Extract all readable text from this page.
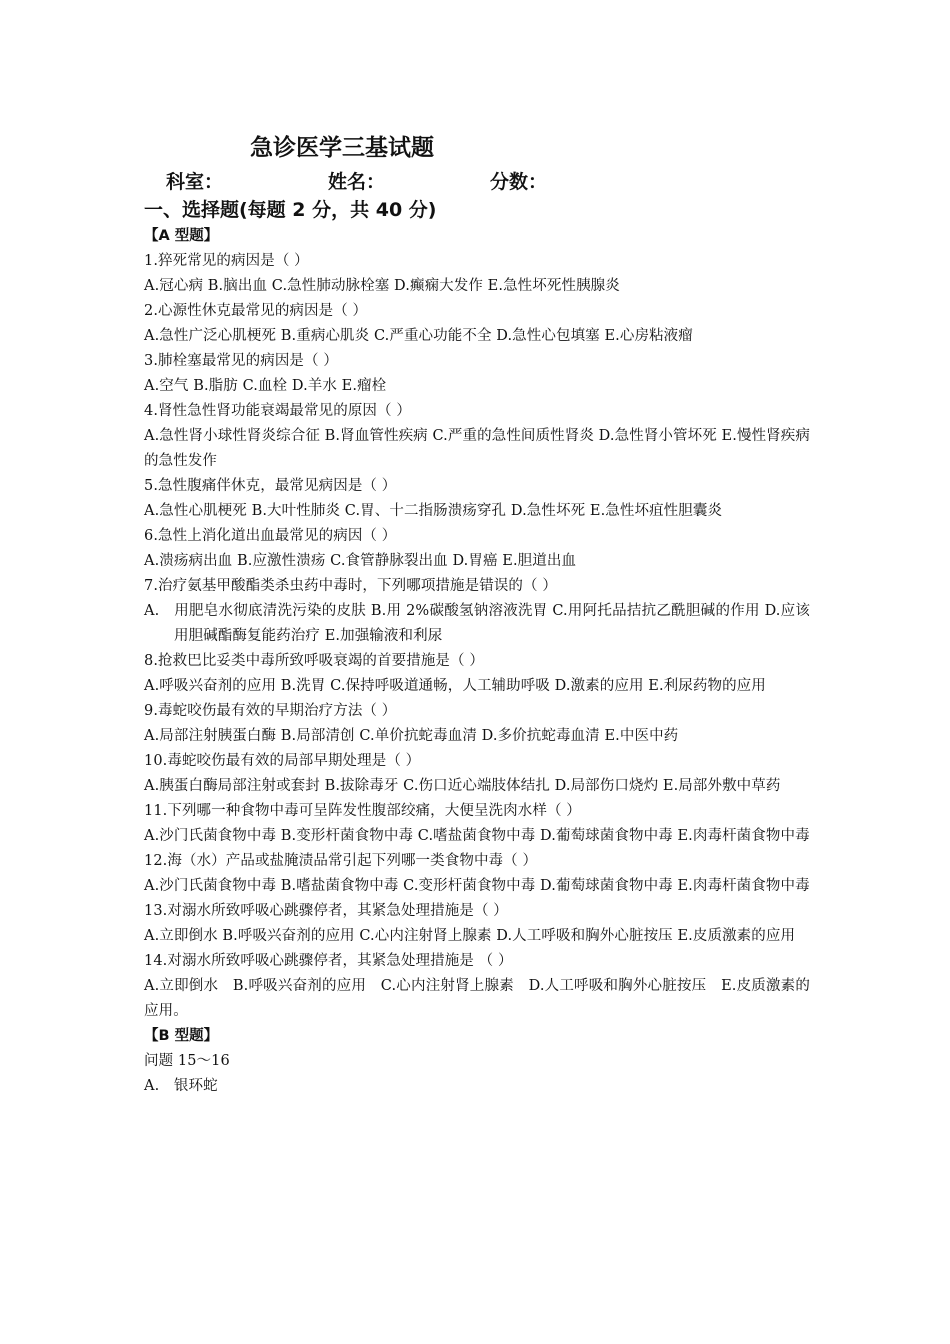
急诊医学三基试题
科室：	姓名：	分数：
一、选择题(每题 2 分，共 40 分)
【A 型题】
1.猝死常见的病因是（ ）
A.冠心病 B.脑出血 C.急性肺动脉栓塞 D.癫痫大发作 E.急性坏死性胰腺炎
2.心源性休克最常见的病因是（ ）
A.急性广泛心肌梗死 B.重病心肌炎 C.严重心功能不全 D.急性心包填塞 E.心房粘液瘤
3.肺栓塞最常见的病因是（ ）
A.空气 B.脂肪 C.血栓 D.羊水 E.瘤栓
4.肾性急性肾功能衰竭最常见的原因（ ）
A.急性肾小球性肾炎综合征 B.肾血管性疾病 C.严重的急性间质性肾炎 D.急性肾小管坏死 E.慢性肾疾病的急性发作
5.急性腹痛伴休克，最常见病因是（ ）
A.急性心肌梗死 B.大叶性肺炎 C.胃、十二指肠溃疡穿孔 D.急性坏死 E.急性坏疽性胆囊炎
6.急性上消化道出血最常见的病因（ ）
A.溃疡病出血 B.应激性溃疡 C.食管静脉裂出血 D.胃癌 E.胆道出血
7.治疗氨基甲酸酯类杀虫药中毒时，下列哪项措施是错误的（ ）
A.　用肥皂水彻底清洗污染的皮肤 B.用 2%碳酸氢钠溶液洗胃 C.用阿托品拮抗乙酰胆碱的作用 D.应该用胆碱酯酶复能药治疗 E.加强输液和利尿
8.抢救巴比妥类中毒所致呼吸衰竭的首要措施是（ ）
A.呼吸兴奋剂的应用 B.洗胃 C.保持呼吸道通畅，人工辅助呼吸 D.激素的应用 E.利尿药物的应用
9.毒蛇咬伤最有效的早期治疗方法（ ）
A.局部注射胰蛋白酶 B.局部清创 C.单价抗蛇毒血清 D.多价抗蛇毒血清 E.中医中药
10.毒蛇咬伤最有效的局部早期处理是（ ）
A.胰蛋白酶局部注射或套封 B.拔除毒牙 C.伤口近心端肢体结扎 D.局部伤口烧灼 E.局部外敷中草药
11.下列哪一种食物中毒可呈阵发性腹部绞痛，大便呈洗肉水样（ ）
A.沙门氏菌食物中毒 B.变形杆菌食物中毒 C.嗜盐菌食物中毒 D.葡萄球菌食物中毒 E.肉毒杆菌食物中毒
12.海（水）产品或盐腌渍品常引起下列哪一类食物中毒（ ）
A.沙门氏菌食物中毒 B.嗜盐菌食物中毒 C.变形杆菌食物中毒 D.葡萄球菌食物中毒 E.肉毒杆菌食物中毒
13.对溺水所致呼吸心跳骤停者，其紧急处理措施是（ ）
A.立即倒水 B.呼吸兴奋剂的应用 C.心内注射肾上腺素 D.人工呼吸和胸外心脏按压 E.皮质激素的应用
14.对溺水所致呼吸心跳骤停者，其紧急处理措施是 （ ）
A.立即倒水　B.呼吸兴奋剂的应用　C.心内注射肾上腺素　D.人工呼吸和胸外心脏按压　E.皮质激素的应用。
【B 型题】
问题 15～16
A.　银环蛇
